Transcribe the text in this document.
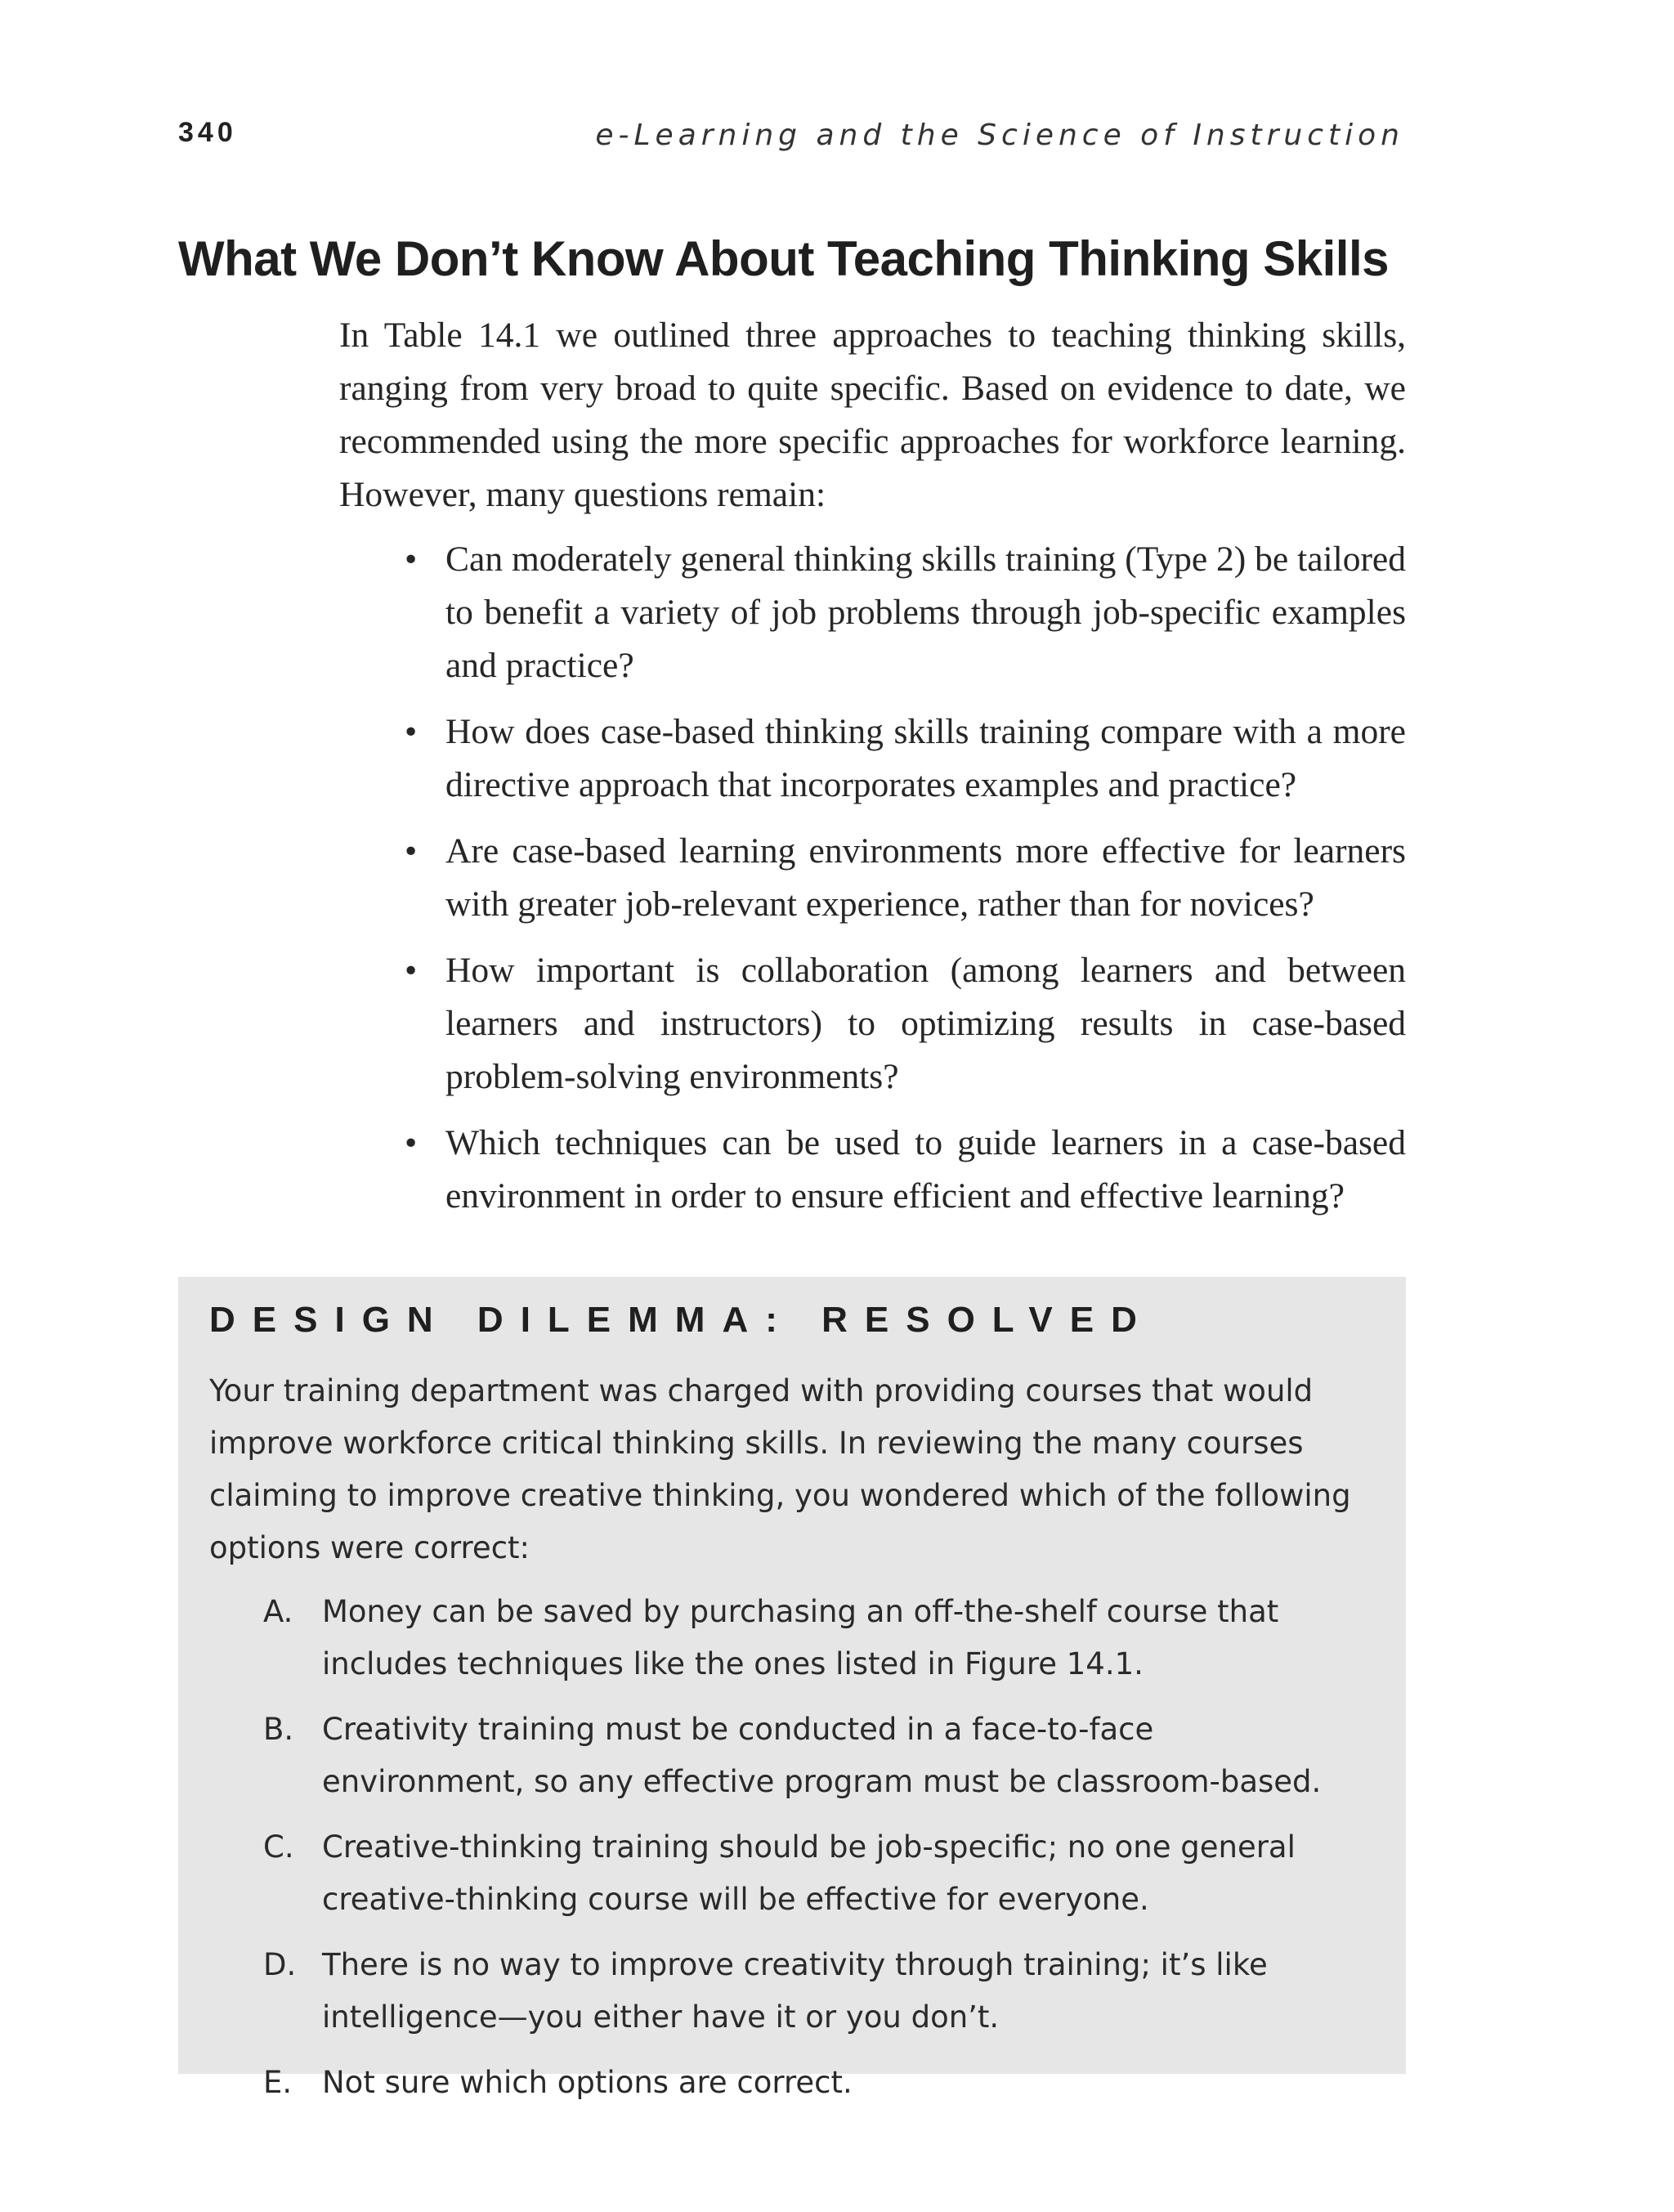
340	e-Learning and the Science of Instruction
What We Don’t Know About Teaching Thinking Skills

In Table 14.1 we outlined three approaches to teaching thinking skills, ranging from very broad to quite specific. Based on evidence to date, we recommended using the more specific approaches for workforce learning. However, many questions remain:

• Can moderately general thinking skills training (Type 2) be tailored to benefit a variety of job problems through job-specific examples and practice?
• How does case-based thinking skills training compare with a more directive approach that incorporates examples and practice?
• Are case-based learning environments more effective for learners with greater job-relevant experience, rather than for novices?
• How important is collaboration (among learners and between learners and instructors) to optimizing results in case-based problem-solving environments?
• Which techniques can be used to guide learners in a case-based environment in order to ensure efficient and effective learning?
DESIGN DILEMMA: RESOLVED

Your training department was charged with providing courses that would improve workforce critical thinking skills. In reviewing the many courses claiming to improve creative thinking, you wondered which of the following options were correct:

A. Money can be saved by purchasing an off-the-shelf course that includes techniques like the ones listed in Figure 14.1.
B. Creativity training must be conducted in a face-to-face environment, so any effective program must be classroom-based.
C. Creative-thinking training should be job-specific; no one general creative-thinking course will be effective for everyone.
D. There is no way to improve creativity through training; it’s like intelligence—you either have it or you don’t.
E. Not sure which options are correct.
